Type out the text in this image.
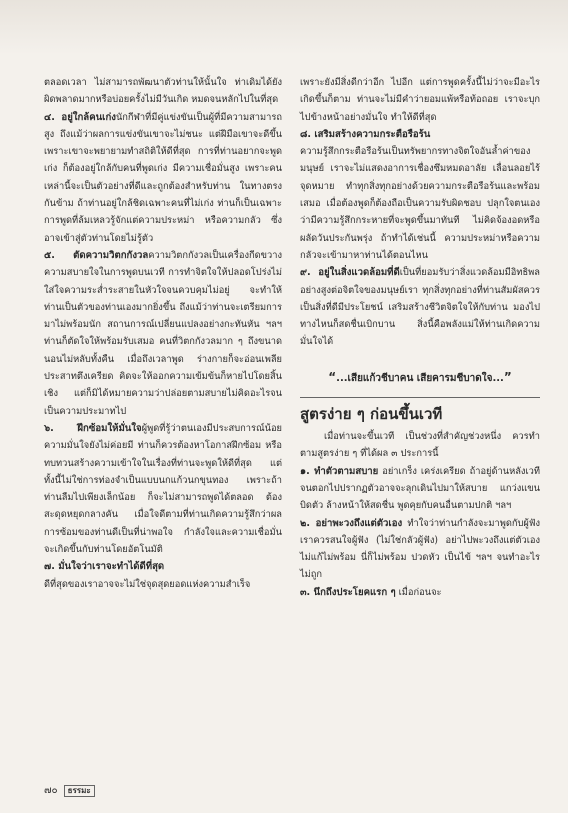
ตลอดเวลา ไม่สามารถพัฒนาตัวท่านให้นั้นใจ ท่าเดิมได้ยังผิดพลาดมากหรือบ่อยครั้งไม่มีวันเกิด หมดจนหลักไปในที่สุด

๔. อยู่ใกล้คนเก่งนักกีฬาที่มีคู่แข่งขันเป็นผู้ที่มีความสามารถสูง ถึงแม้ว่าผลการแข่งขันเขาจะไม่ชนะ แต่ฝีมือเขาจะดีขึ้น เพราะเขาจะพยายามทำสถิติให้ดีที่สุด การที่ท่านอยากจะพูดเก่ง ก็ต้องอยู่ใกล้กับคนที่พูดเก่ง มีความเชื่อมั่นสูง เพราะคนเหล่านี้จะเป็นตัวอย่างที่ดีและถูกต้องสำหรับท่าน ในทางตรงกันข้าม ถ้าท่านอยู่ใกล้ชิดเฉพาะคนที่ไม่เก่ง ท่านก็เป็นเฉพาะการพูดที่ล้มเหลวรู้จักแต่ความประหม่า หรือความกลัว ซึ่งอาจเข้าสู่ตัวท่านโดยไม่รู้ตัว

๕. ตัดความวิตกกังวลความวิตกกังวลเป็นเครื่องกีดขวางความสบายใจในการพูดบนเวที การทำจิตใจให้ปลอดโปร่งไม่ใส่ใจความระส่ำระสายในหัวใจจนควบคุมไม่อยู่ จะทำให้ท่านเป็นตัวของท่านเองมากยิ่งขึ้น ถึงแม้ว่าท่านจะเตรียมการมาไม่พร้อมนัก สถานการณ์เปลี่ยนแปลงอย่างกะทันหัน ฯลฯ ท่านก็ตัดใจให้พร้อมรับเสมอ คนที่วิตกกังวลมาก ๆ ถึงขนาดนอนไม่หลับทั้งคืน เมื่อถึงเวลาพูด ร่างกายก็จะอ่อนเพลีย ประสาทตึงเครียด คิดจะให้ออกความเข้มข้นก็หายไปโดยสิ้นเชิง แต่ก็มิได้หมายความว่าปล่อยตามสบายไม่คิดอะไรจนเป็นความประมาทไป

๖. ฝึกซ้อมให้มั่นใจผู้พูดที่รู้ว่าตนเองมีประสบการณ์น้อย ความมั่นใจยังไม่ค่อยมี ท่านก็ควรต้องหาโอกาสฝึกซ้อม หรือทบทวนสร้างความเข้าใจในเรื่องที่ท่านจะพูดให้ดีที่สุด แต่ทั้งนี้ไม่ใช่การท่องจำเป็นแบบนกแก้วนกขุนทอง เพราะถ้าท่านลืมไปเพียงเล็กน้อย ก็จะไม่สามารถพูดได้ตลอด ต้องสะดุดหยุดกลางคัน เมื่อใจดีตามที่ท่านเกิดความรู้สึกว่าผลการซ้อมของท่านดีเป็นที่น่าพอใจ กำลังใจและความเชื่อมั่นจะเกิดขึ้นกับท่านโดยอัตโนมัติ

๗. มั่นใจว่าเราจะทำได้ดีที่สุด

ดีที่สุดของเราอาจจะไม่ใช่จุดสุดยอดแห่งความสำเร็จ

เพราะยังมีสิ่งดีกว่าอีก ไปอีก แต่การพูดครั้งนี้ไม่ว่าจะมีอะไรเกิดขึ้นก็ตาม ท่านจะไม่มีคำว่ายอมแพ้หรือท้อถอย เราจะบุกไปข้างหน้าอย่างมั่นใจ ทำให้ดีที่สุด

๘. เสริมสร้างความกระตือรือร้น

ความรู้สึกกระตือรือร้นเป็นทรัพยากรทางจิตใจอันล้ำค่าของมนุษย์ เราจะไม่แสดงอาการเชื่องซึมหมดอาลัย เลื่อนลอยไร้จุดหมาย ทำทุกสิ่งทุกอย่างด้วยความกระตือรือร้นและพร้อมเสมอ เมื่อต้องพูดก็ต้องถือเป็นความรับผิดชอบ ปลุกใจตนเองว่ามีความรู้สึกกระหายที่จะพูดขึ้นมาทันที ไม่คิดจ้องอดหรือผลัดวันประกันพรุ่ง ถ้าทำได้เช่นนี้ ความประหม่าหรือความกลัวจะเข้ามาหาท่านได้ตอนไหน

๙. อยู่ในสิ่งแวดล้อมที่ดีเป็นที่ยอมรับว่าสิ่งแวดล้อมมีอิทธิพลอย่างสูงต่อจิตใจของมนุษย์เรา ทุกสิ่งทุกอย่างที่ท่านสัมผัสควรเป็นสิ่งที่ดีมีประโยชน์ เสริมสร้างชีวิตจิตใจให้กับท่าน มองไปทางไหนก็สดชื่นเบิกบาน สิ่งนี้คือพลังแม่ให้ท่านเกิดความมั่นใจได้

“...เสียแก้วชีบาคน เสียคารมชีบาดใจ...”
สูตรง่าย ๆ ก่อนขึ้นเวที

เมื่อท่านจะขึ้นเวที เป็นช่วงที่สำคัญช่วงหนึ่ง ควรทำตามสูตรง่าย ๆ ที่ได้ผล ๓ ประการนี้

๑. ทำตัวตามสบาย อย่าเกร็ง เคร่งเครียด ถ้าอยู่ด้านหลังเวทีจนตอกไปปรากฏตัวอาจจะลุกเดินไปมาให้สบาย แกว่งแขน บิดตัว ล้างหน้าให้สดชื่น พูดคุยกับคนอื่นตามปกติ ฯลฯ

๒. อย่าพะวงถึงแต่ตัวเอง ทำใจว่าท่านกำลังจะมาพูดกับผู้ฟัง เราควรสนใจผู้ฟัง (ไม่ใช่กลัวผู้ฟัง) อย่าไปพะวงถึงแต่ตัวเอง ไม่แก้ไม่พร้อม นี่ก็ไม่พร้อม ปวดหัว เป็นไข้ ฯลฯ จนทำอะไรไม่ถูก

๓. นึกถึงประโยคแรก ๆ เมื่อก่อนจะ

๗๐	ธรรมะ
